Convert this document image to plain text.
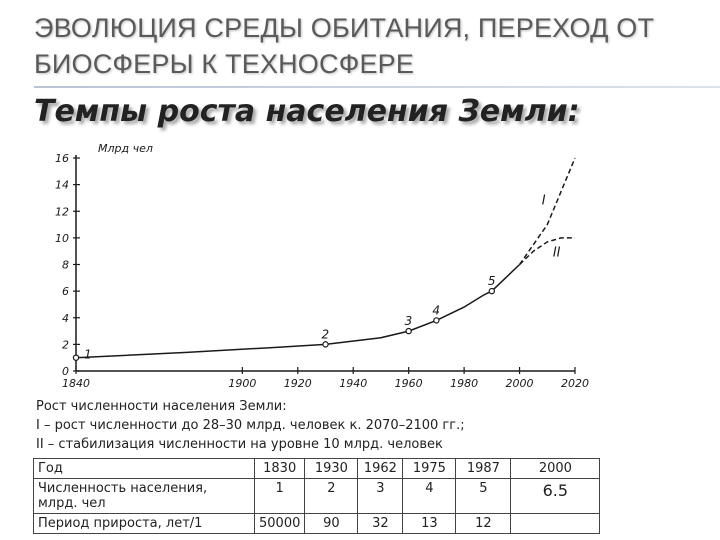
ЭВОЛЮЦИЯ СРЕДЫ ОБИТАНИЯ, ПЕРЕХОД ОТ
БИОСФЕРЫ К ТЕХНОСФЕРЕ
Темпы роста населения Земли:
0
2
4
6
8
10
12
14
16
1840	1900 1920 1940 1960 1980 2000 2020
Млрд чел
I
II
1
2
3
4
5
Рост численности населения Земли:
I – рост численности до 28–30 млрд. человек к. 2070–2100 гг.;
II – стабилизация численности на уровне 10 млрд. человек
Год	1830	1930	1962	1975	1987	2000
Численность населения, млрд. чел	1	2	3	4	5	6.5
Период прироста, лет/1	50000	90	32	13	12	
